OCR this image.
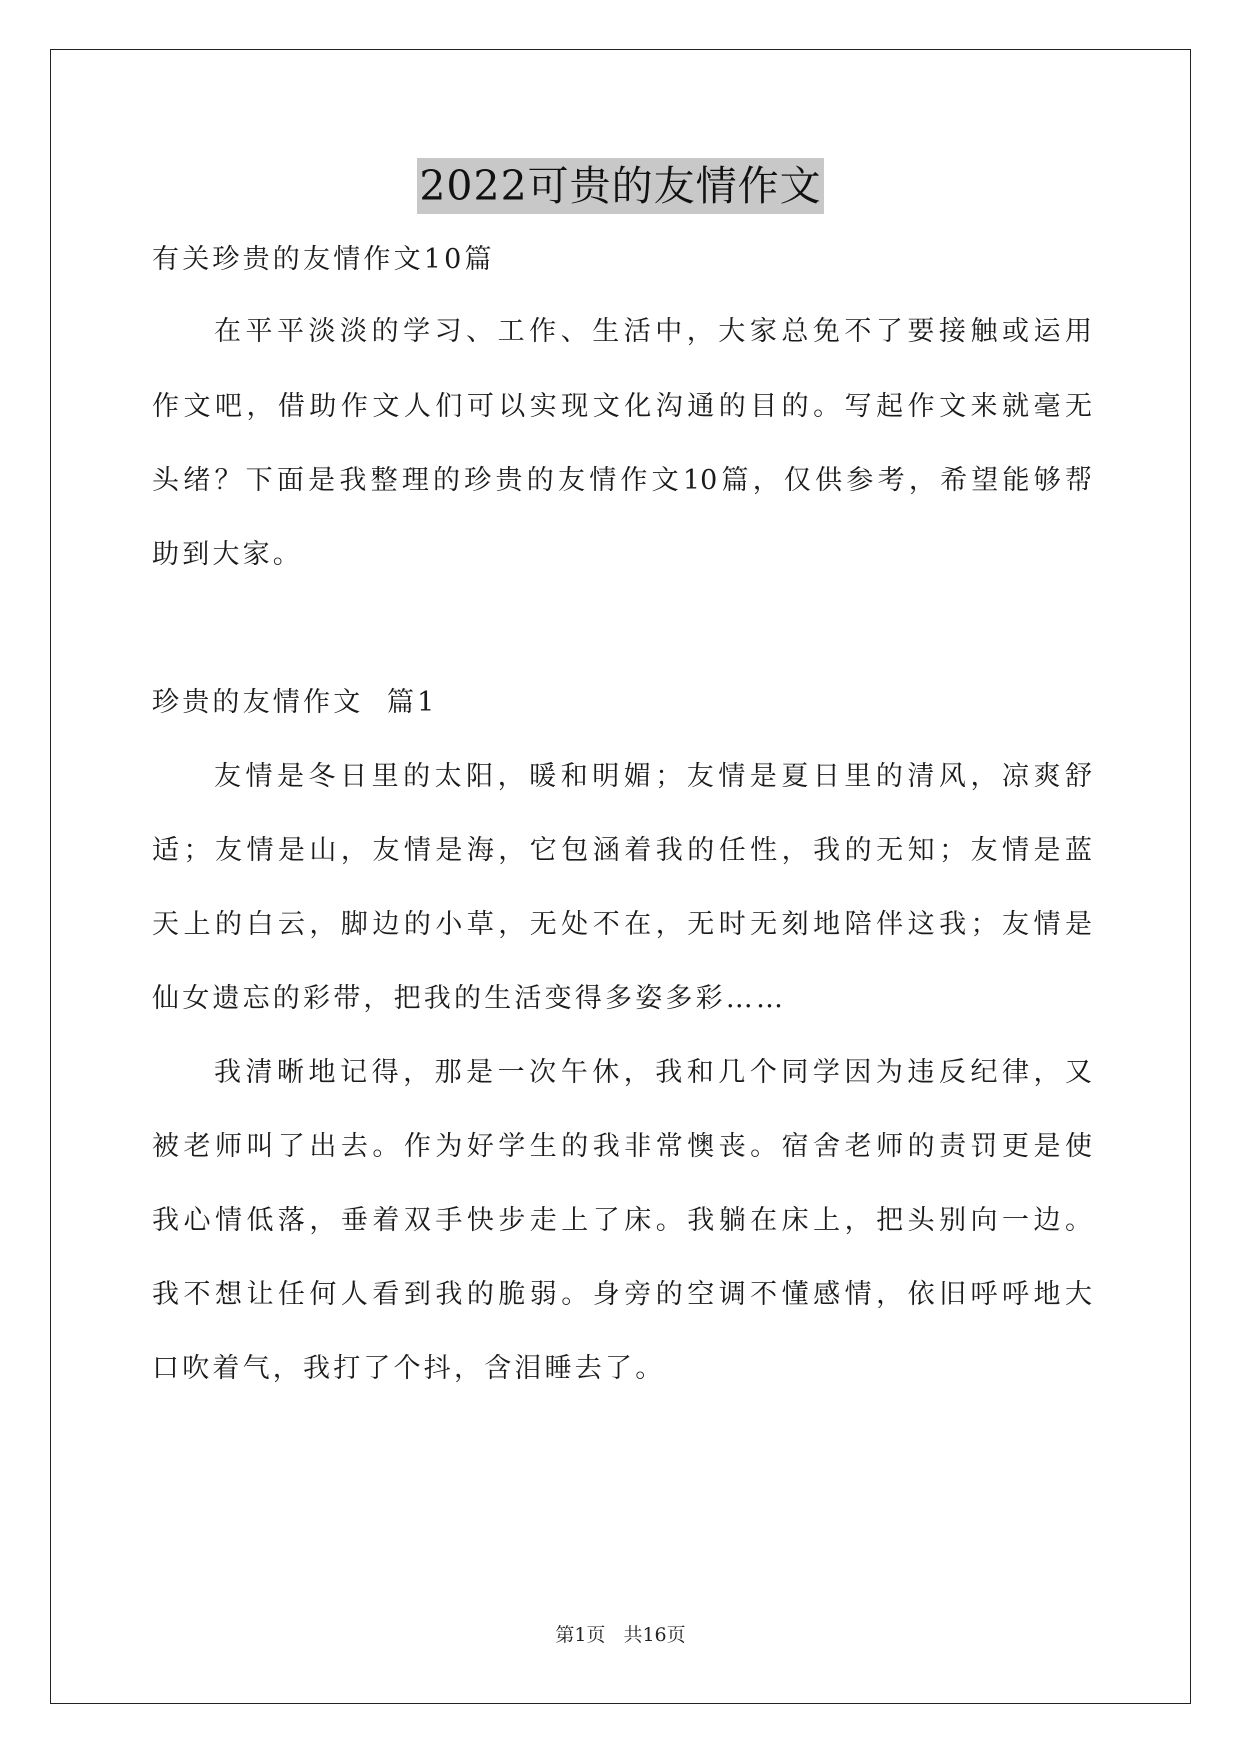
2022可贵的友情作文
有关珍贵的友情作文10篇
在平平淡淡的学习、工作、生活中，大家总免不了要接触或运用
作文吧，借助作文人们可以实现文化沟通的目的。写起作文来就毫无
头绪？下面是我整理的珍贵的友情作文10篇，仅供参考，希望能够帮
助到大家。
珍贵的友情作文  篇1
友情是冬日里的太阳，暖和明媚；友情是夏日里的清风，凉爽舒
适；友情是山，友情是海，它包涵着我的任性，我的无知；友情是蓝
天上的白云，脚边的小草，无处不在，无时无刻地陪伴这我；友情是
仙女遗忘的彩带，把我的生活变得多姿多彩……
我清晰地记得，那是一次午休，我和几个同学因为违反纪律，又
被老师叫了出去。作为好学生的我非常懊丧。宿舍老师的责罚更是使
我心情低落，垂着双手快步走上了床。我躺在床上，把头别向一边。
我不想让任何人看到我的脆弱。身旁的空调不懂感情，依旧呼呼地大
口吹着气，我打了个抖，含泪睡去了。
第1页 共16页
